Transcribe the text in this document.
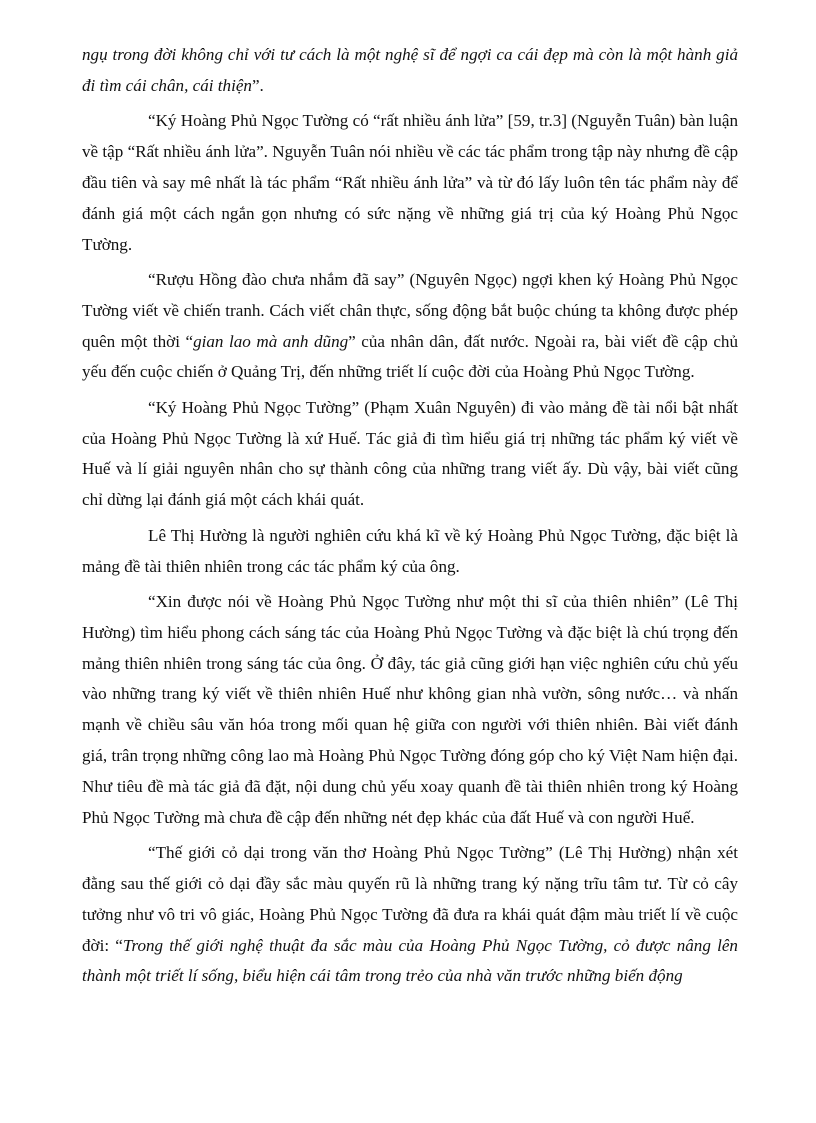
ngụ trong đời không chỉ với tư cách là một nghệ sĩ để ngợi ca cái đẹp mà còn là một hành giả đi tìm cái chân, cái thiện”.

“Ký Hoàng Phủ Ngọc Tường có “rất nhiều ánh lửa” [59, tr.3] (Nguyễn Tuân) bàn luận về tập “Rất nhiều ánh lửa”. Nguyễn Tuân nói nhiều về các tác phẩm trong tập này nhưng đề cập đầu tiên và say mê nhất là tác phẩm “Rất nhiều ánh lửa” và từ đó lấy luôn tên tác phẩm này để đánh giá một cách ngắn gọn nhưng có sức nặng về những giá trị của ký Hoàng Phủ Ngọc Tường.

“Rượu Hồng đào chưa nhắm đã say” (Nguyên Ngọc) ngợi khen ký Hoàng Phủ Ngọc Tường viết về chiến tranh. Cách viết chân thực, sống động bắt buộc chúng ta không được phép quên một thời “gian lao mà anh dũng” của nhân dân, đất nước. Ngoài ra, bài viết đề cập chủ yếu đến cuộc chiến ở Quảng Trị, đến những triết lí cuộc đời của Hoàng Phủ Ngọc Tường.

“Ký Hoàng Phủ Ngọc Tường” (Phạm Xuân Nguyên) đi vào mảng đề tài nổi bật nhất của Hoàng Phủ Ngọc Tường là xứ Huế. Tác giả đi tìm hiểu giá trị những tác phẩm ký viết về Huế và lí giải nguyên nhân cho sự thành công của những trang viết ấy. Dù vậy, bài viết cũng chỉ dừng lại đánh giá một cách khái quát.

Lê Thị Hường là người nghiên cứu khá kĩ về ký Hoàng Phủ Ngọc Tường, đặc biệt là mảng đề tài thiên nhiên trong các tác phẩm ký của ông.

“Xin được nói về Hoàng Phủ Ngọc Tường như một thi sĩ của thiên nhiên” (Lê Thị Hường) tìm hiểu phong cách sáng tác của Hoàng Phủ Ngọc Tường và đặc biệt là chú trọng đến mảng thiên nhiên trong sáng tác của ông. Ở đây, tác giả cũng giới hạn việc nghiên cứu chủ yếu vào những trang ký viết về thiên nhiên Huế như không gian nhà vườn, sông nước… và nhấn mạnh về chiều sâu văn hóa trong mối quan hệ giữa con người với thiên nhiên. Bài viết đánh giá, trân trọng những công lao mà Hoàng Phủ Ngọc Tường đóng góp cho ký Việt Nam hiện đại. Như tiêu đề mà tác giả đã đặt, nội dung chủ yếu xoay quanh đề tài thiên nhiên trong ký Hoàng Phủ Ngọc Tường mà chưa đề cập đến những nét đẹp khác của đất Huế và con người Huế.

“Thế giới cỏ dại trong văn thơ Hoàng Phủ Ngọc Tường” (Lê Thị Hường) nhận xét đằng sau thế giới cỏ dại đầy sắc màu quyến rũ là những trang ký nặng trĩu tâm tư. Từ cỏ cây tưởng như vô tri vô giác, Hoàng Phủ Ngọc Tường đã đưa ra khái quát đậm màu triết lí về cuộc đời: “Trong thế giới nghệ thuật đa sắc màu của Hoàng Phủ Ngọc Tường, cỏ được nâng lên thành một triết lí sống, biểu hiện cái tâm trong trẻo của nhà văn trước những biến động
